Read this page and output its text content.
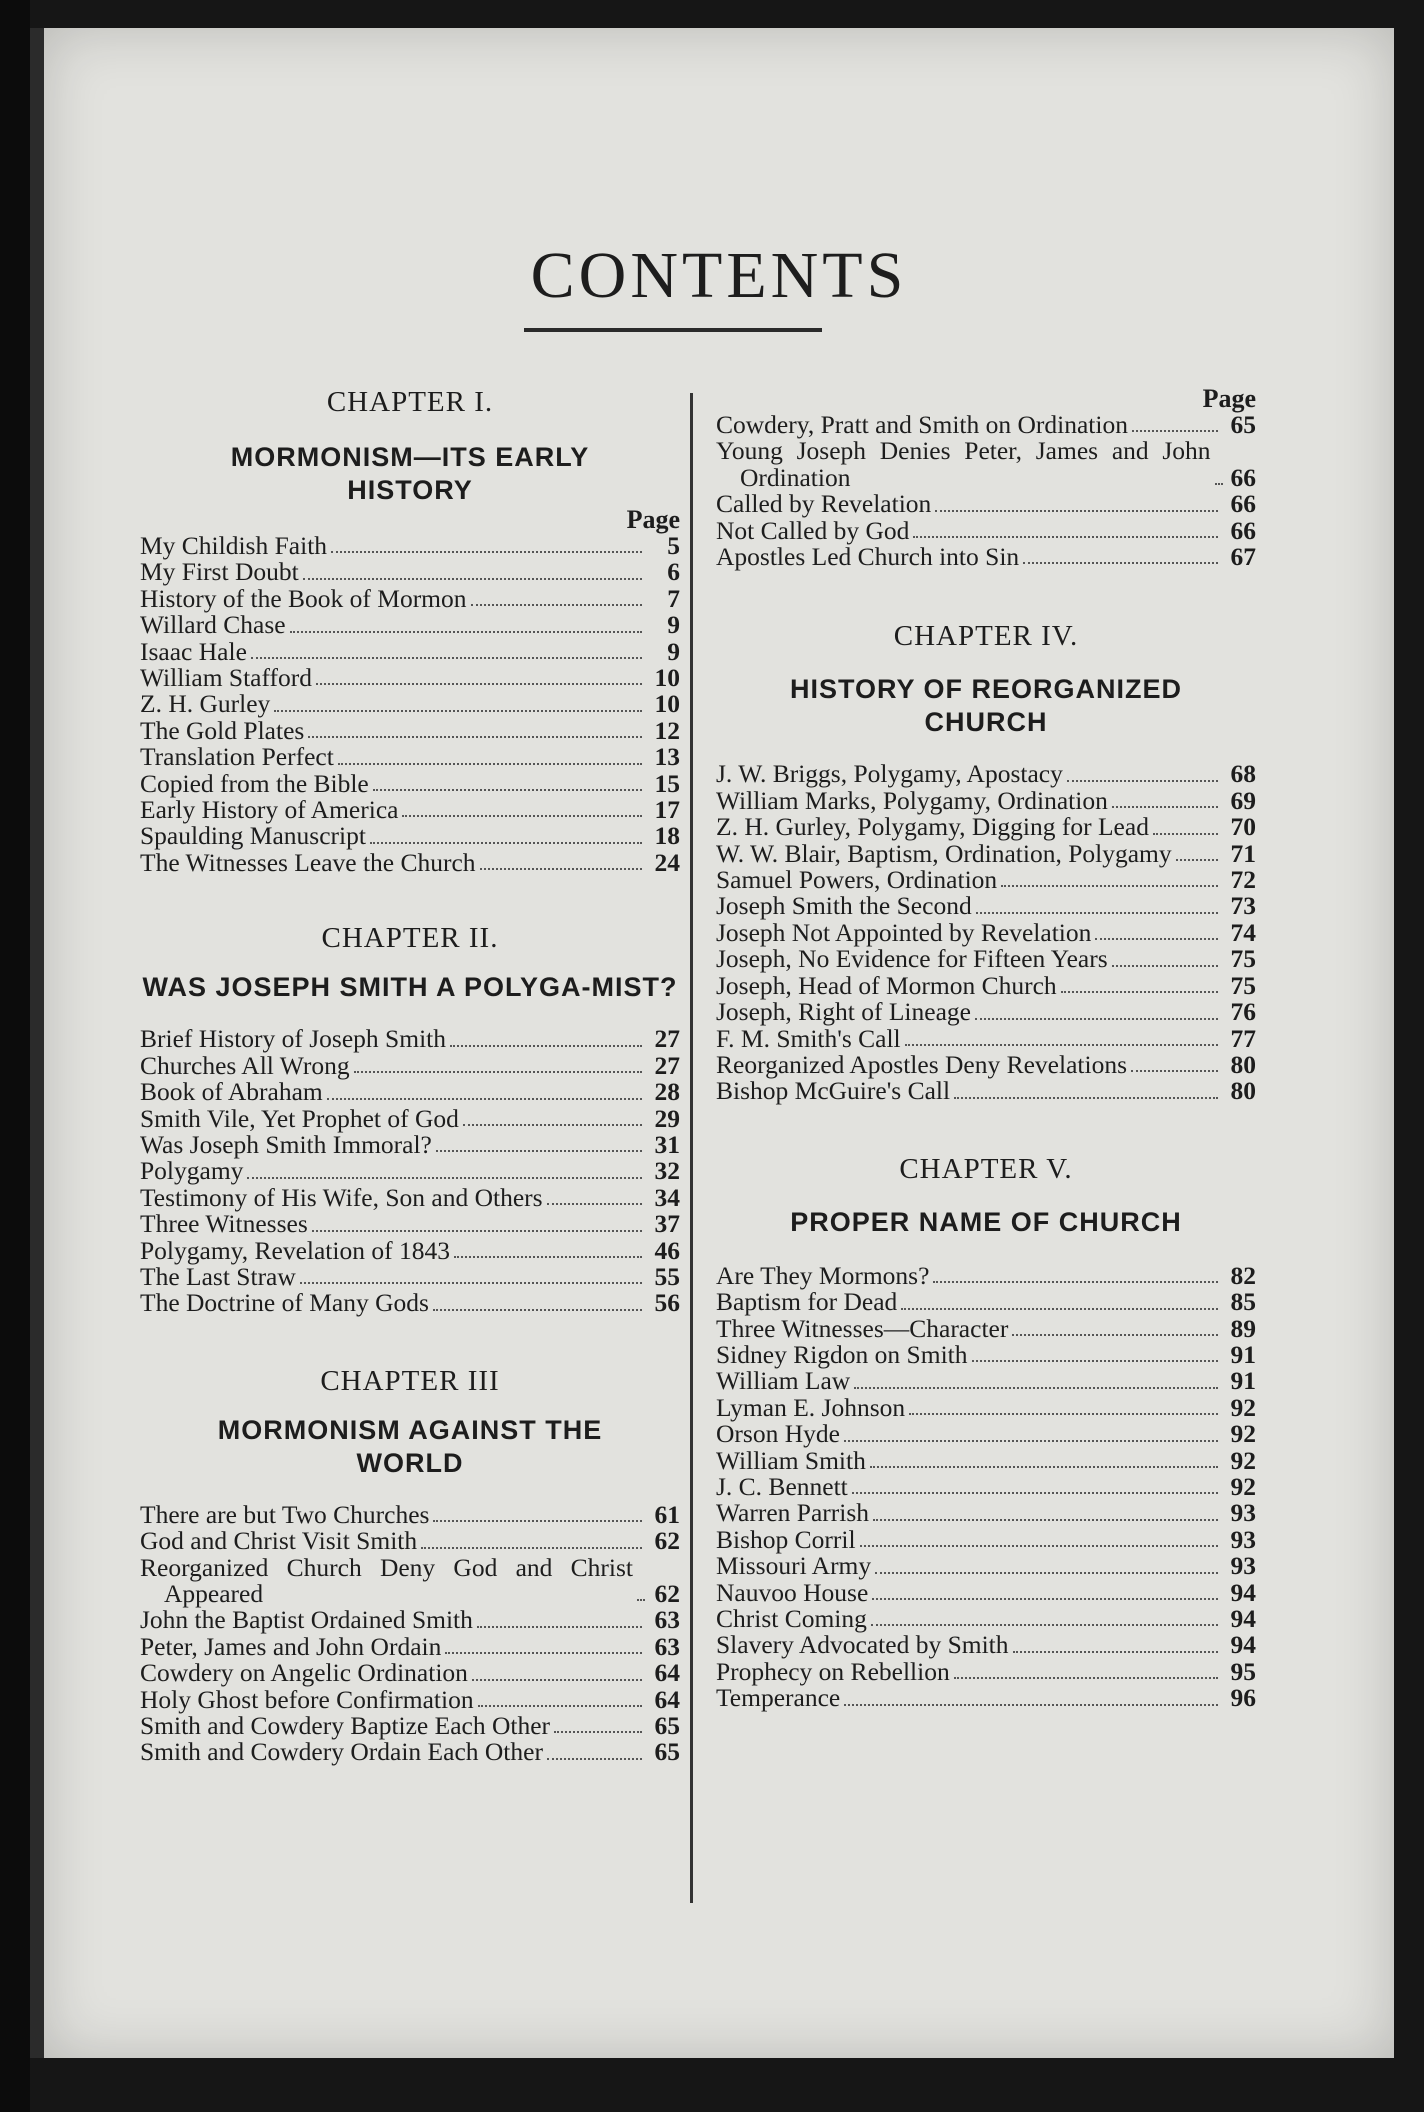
CONTENTS
CHAPTER I.
MORMONISM—ITS EARLY HISTORY
Page
My Childish Faith	5
My First Doubt	6
History of the Book of Mormon	7
Willard Chase	9
Isaac Hale	9
William Stafford	10
Z. H. Gurley	10
The Gold Plates	12
Translation Perfect	13
Copied from the Bible	15
Early History of America	17
Spaulding Manuscript	18
The Witnesses Leave the Church	24
CHAPTER II.
WAS JOSEPH SMITH A POLYGA-MIST?
Brief History of Joseph Smith	27
Churches All Wrong	27
Book of Abraham	28
Smith Vile, Yet Prophet of God	29
Was Joseph Smith Immoral?	31
Polygamy	32
Testimony of His Wife, Son and Others	34
Three Witnesses	37
Polygamy, Revelation of 1843	46
The Last Straw	55
The Doctrine of Many Gods	56
CHAPTER III
MORMONISM AGAINST THE WORLD
There are but Two Churches	61
God and Christ Visit Smith	62
Reorganized Church Deny God and Christ Appeared	62
John the Baptist Ordained Smith	63
Peter, James and John Ordain	63
Cowdery on Angelic Ordination	64
Holy Ghost before Confirmation	64
Smith and Cowdery Baptize Each Other	65
Smith and Cowdery Ordain Each Other	65
Page
Cowdery, Pratt and Smith on Ordination	65
Young Joseph Denies Peter, James and John Ordination	66
Called by Revelation	66
Not Called by God	66
Apostles Led Church into Sin	67
CHAPTER IV.
HISTORY OF REORGANIZED CHURCH
J. W. Briggs, Polygamy, Apostacy	68
William Marks, Polygamy, Ordination	69
Z. H. Gurley, Polygamy, Digging for Lead	70
W. W. Blair, Baptism, Ordination, Polygamy	71
Samuel Powers, Ordination	72
Joseph Smith the Second	73
Joseph Not Appointed by Revelation	74
Joseph, No Evidence for Fifteen Years	75
Joseph, Head of Mormon Church	75
Joseph, Right of Lineage	76
F. M. Smith's Call	77
Reorganized Apostles Deny Revelations	80
Bishop McGuire's Call	80
CHAPTER V.
PROPER NAME OF CHURCH
Are They Mormons?	82
Baptism for Dead	85
Three Witnesses—Character	89
Sidney Rigdon on Smith	91
William Law	91
Lyman E. Johnson	92
Orson Hyde	92
William Smith	92
J. C. Bennett	92
Warren Parrish	93
Bishop Corril	93
Missouri Army	93
Nauvoo House	94
Christ Coming	94
Slavery Advocated by Smith	94
Prophecy on Rebellion	95
Temperance	96
